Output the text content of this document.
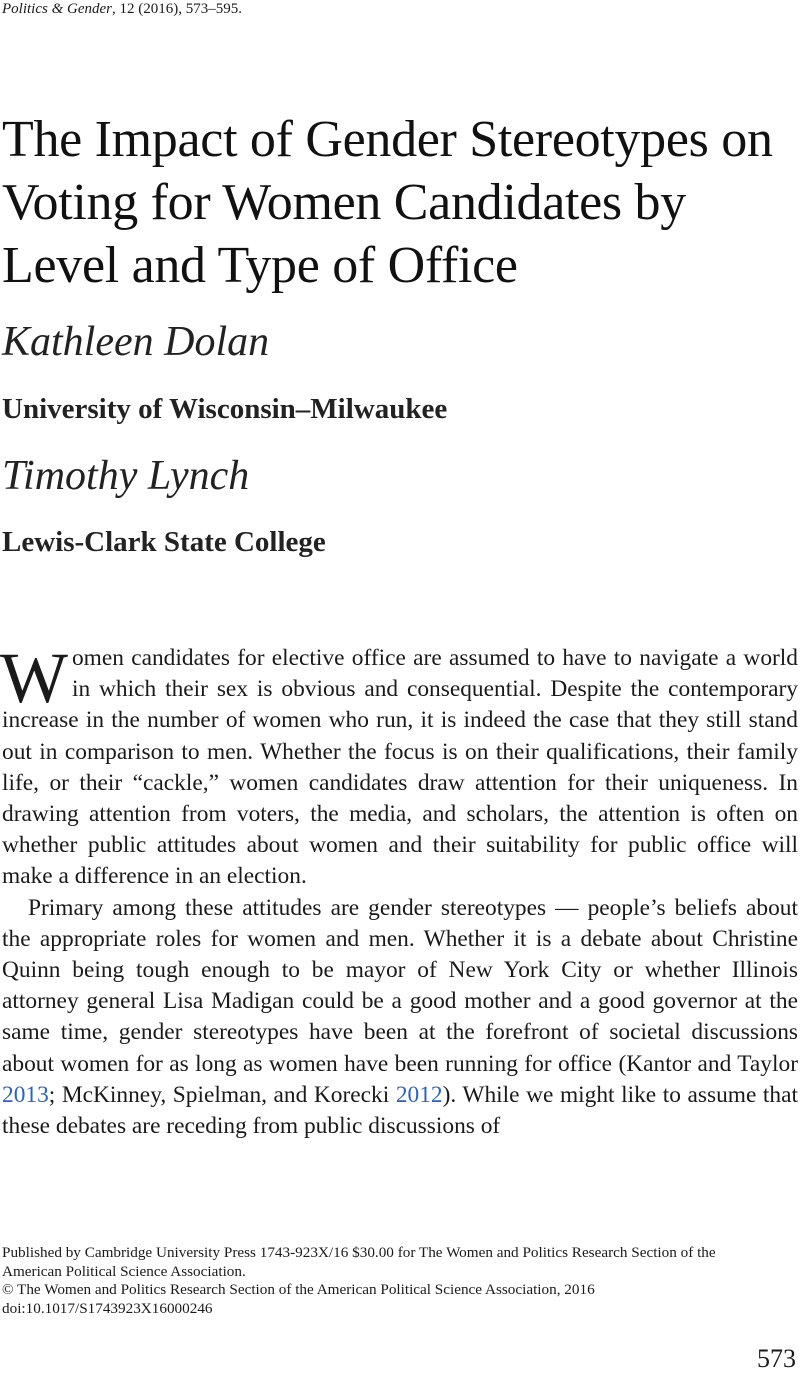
Politics & Gender, 12 (2016), 573–595.
The Impact of Gender Stereotypes on Voting for Women Candidates by Level and Type of Office
Kathleen Dolan
University of Wisconsin–Milwaukee
Timothy Lynch
Lewis-Clark State College

Women candidates for elective office are assumed to have to navigate a world in which their sex is obvious and consequential. Despite the contemporary increase in the number of women who run, it is indeed the case that they still stand out in comparison to men. Whether the focus is on their qualifications, their family life, or their “cackle,” women candidates draw attention for their uniqueness. In drawing attention from voters, the media, and scholars, the attention is often on whether public attitudes about women and their suitability for public office will make a difference in an election.

Primary among these attitudes are gender stereotypes — people’s beliefs about the appropriate roles for women and men. Whether it is a debate about Christine Quinn being tough enough to be mayor of New York City or whether Illinois attorney general Lisa Madigan could be a good mother and a good governor at the same time, gender stereotypes have been at the forefront of societal discussions about women for as long as women have been running for office (Kantor and Taylor 2013; McKinney, Spielman, and Korecki 2012). While we might like to assume that these debates are receding from public discussions of

Published by Cambridge University Press 1743-923X/16 $30.00 for The Women and Politics Research Section of the
American Political Science Association.
© The Women and Politics Research Section of the American Political Science Association, 2016
doi:10.1017/S1743923X16000246
573
